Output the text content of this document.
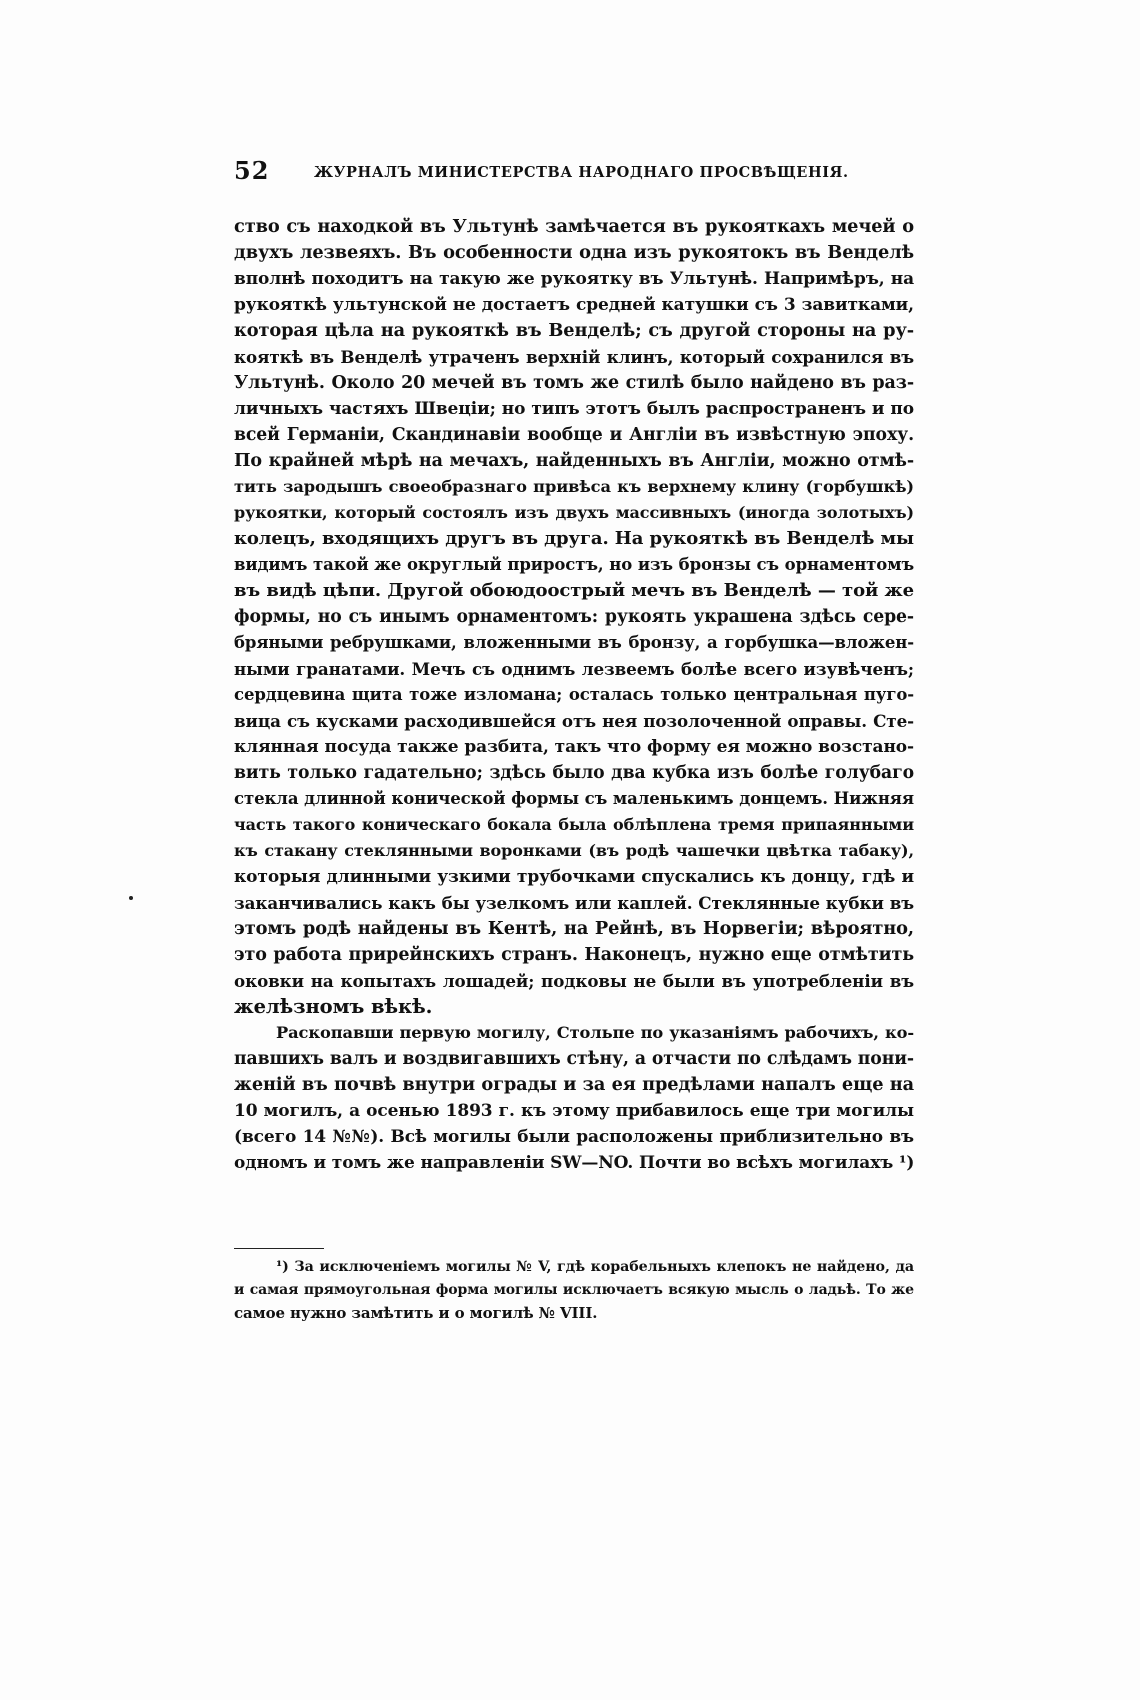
52	ЖУРНАЛЪ МИНИСТЕРСТВА НАРОДНАГО ПРОСВѢЩЕНІЯ.
ство съ находкой въ Ультунѣ замѣчается въ рукояткахъ мечей о
двухъ лезвеяхъ. Въ особенности одна изъ рукоятокъ въ Венделѣ
вполнѣ походитъ на такую же рукоятку въ Ультунѣ. Напримѣръ, на
рукояткѣ ультунской не достаетъ средней катушки съ 3 завитками,
которая цѣла на рукояткѣ въ Венделѣ; съ другой стороны на ру-
кояткѣ въ Венделѣ утраченъ верхній клинъ, который сохранился въ
Ультунѣ. Около 20 мечей въ томъ же стилѣ было найдено въ раз-
личныхъ частяхъ Швеціи; но типъ этотъ былъ распространенъ и по
всей Германіи, Скандинавіи вообще и Англіи въ извѣстную эпоху.
По крайней мѣрѣ на мечахъ, найденныхъ въ Англіи, можно отмѣ-
тить зародышъ своеобразнаго привѣса къ верхнему клину (горбушкѣ)
рукоятки, который состоялъ изъ двухъ массивныхъ (иногда золотыхъ)
колецъ, входящихъ другъ въ друга. На рукояткѣ въ Венделѣ мы
видимъ такой же округлый приростъ, но изъ бронзы съ орнаментомъ
въ видѣ цѣпи. Другой обоюдоострый мечъ въ Венделѣ — той же
формы, но съ инымъ орнаментомъ: рукоять украшена здѣсь сере-
бряными ребрушками, вложенными въ бронзу, а горбушка—вложен-
ными гранатами. Мечъ съ однимъ лезвеемъ болѣе всего изувѣченъ;
сердцевина щита тоже изломана; осталась только центральная пуго-
вица съ кусками расходившейся отъ нея позолоченной оправы. Сте-
клянная посуда также разбита, такъ что форму ея можно возстано-
вить только гадательно; здѣсь было два кубка изъ болѣе голубаго
стекла длинной конической формы съ маленькимъ донцемъ. Нижняя
часть такого коническаго бокала была облѣплена тремя припаянными
къ стакану стеклянными воронками (въ родѣ чашечки цвѣтка табаку),
которыя длинными узкими трубочками спускались къ донцу, гдѣ и
заканчивались какъ бы узелкомъ или каплей. Стеклянные кубки въ
этомъ родѣ найдены въ Кентѣ, на Рейнѣ, въ Норвегіи; вѣроятно,
это работа прирейнскихъ странъ. Наконецъ, нужно еще отмѣтить
оковки на копытахъ лошадей; подковы не были въ употребленіи въ
желѣзномъ вѣкѣ.
Раскопавши первую могилу, Стольпе по указаніямъ рабочихъ, ко-
павшихъ валъ и воздвигавшихъ стѣну, а отчасти по слѣдамъ пони-
женій въ почвѣ внутри ограды и за ея предѣлами напалъ еще на
10 могилъ, а осенью 1893 г. къ этому прибавилось еще три могилы
(всего 14 №№). Всѣ могилы были расположены приблизительно въ
одномъ и томъ же направленіи SW—NO. Почти во всѣхъ могилахъ ¹)
¹) За исключеніемъ могилы № V, гдѣ корабельныхъ клепокъ не найдено, да
и самая прямоугольная форма могилы исключаетъ всякую мысль о ладьѣ. То же
самое нужно замѣтить и о могилѣ № VIII.
